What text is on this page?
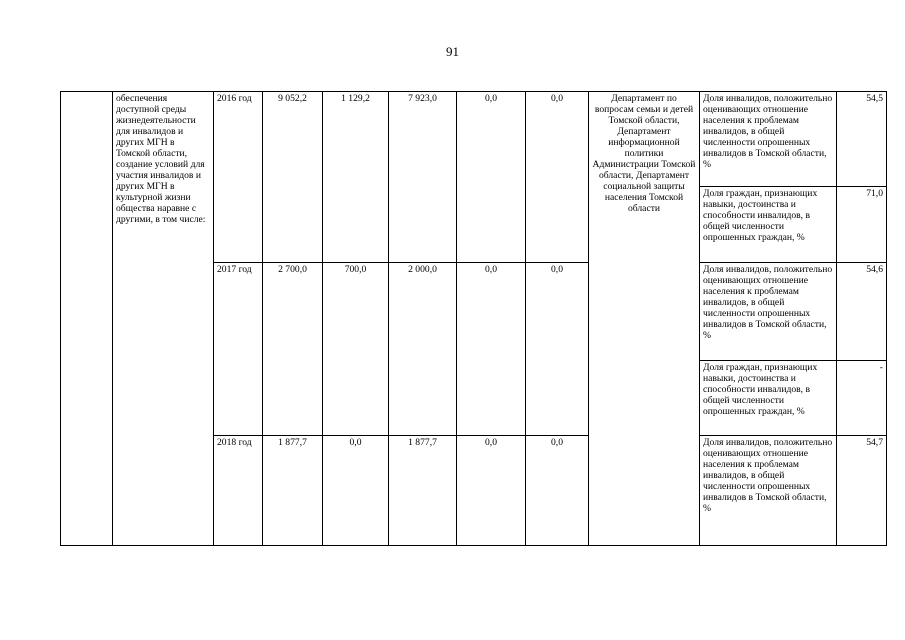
91
	обеспечения доступной среды жизнедеятельности для инвалидов и других МГН в Томской области, создание условий для участия инвалидов и других МГН в культурной жизни общества наравне с другими, в том числе:	2016 год	9 052,2	1 129,2	7 923,0	0,0	0,0	Департамент по вопросам семьи и детей Томской области, Департамент информационной политики Администрации Томской области, Департамент социальной защиты населения Томской области	Доля инвалидов, положительно оценивающих отношение населения к проблемам инвалидов, в общей численности опрошенных инвалидов в Томской области, %	54,5
									Доля граждан, признающих навыки, достоинства и способности инвалидов, в общей численности опрошенных граждан, %	71,0
		2017 год	2 700,0	700,0	2 000,0	0,0	0,0		Доля инвалидов, положительно оценивающих отношение населения к проблемам инвалидов, в общей численности опрошенных инвалидов в Томской области, %	54,6
									Доля граждан, признающих навыки, достоинства и способности инвалидов, в общей численности опрошенных граждан, %	-
		2018 год	1 877,7	0,0	1 877,7	0,0	0,0		Доля инвалидов, положительно оценивающих отношение населения к проблемам инвалидов, в общей численности опрошенных инвалидов в Томской области, %	54,7
